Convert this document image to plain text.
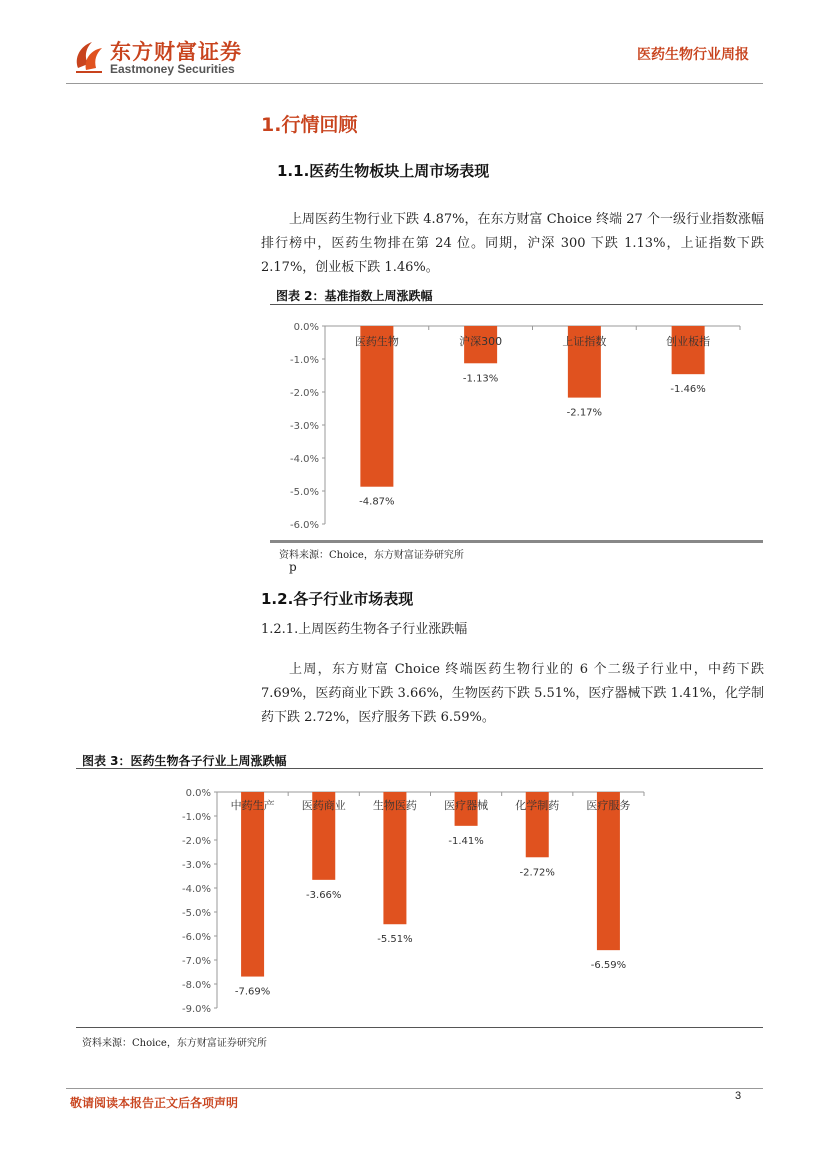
东方财富证券
Eastmoney Securities
医药生物行业周报
1.行情回顾
1.1.医药生物板块上周市场表现
上周医药生物行业下跌 4.87%，在东方财富 Choice 终端 27 个一级行业指数涨幅排行榜中，医药生物排在第 24 位。同期，沪深 300 下跌 1.13%，上证指数下跌 2.17%，创业板下跌 1.46%。
图表 2：基准指数上周涨跌幅
0.0%
-1.0%
-2.0%
-3.0%
-4.0%
-5.0%
-6.0%
医药生物
-4.87%
沪深300
-1.13%
上证指数
-2.17%
创业板指
-1.46%
资料来源：Choice，东方财富证券研究所
p
1.2.各子行业市场表现
1.2.1.上周医药生物各子行业涨跌幅
上周，东方财富 Choice 终端医药生物行业的 6 个二级子行业中，中药下跌 7.69%，医药商业下跌 3.66%，生物医药下跌 5.51%，医疗器械下跌 1.41%，化学制药下跌 2.72%，医疗服务下跌 6.59%。
图表 3：医药生物各子行业上周涨跌幅
0.0%
-1.0%
-2.0%
-3.0%
-4.0%
-5.0%
-6.0%
-7.0%
-8.0%
-9.0%
中药生产
-7.69%
医药商业
-3.66%
生物医药
-5.51%
医疗器械
-1.41%
化学制药
-2.72%
医疗服务
-6.59%
资料来源：Choice，东方财富证券研究所
敬请阅读本报告正文后各项声明	3
